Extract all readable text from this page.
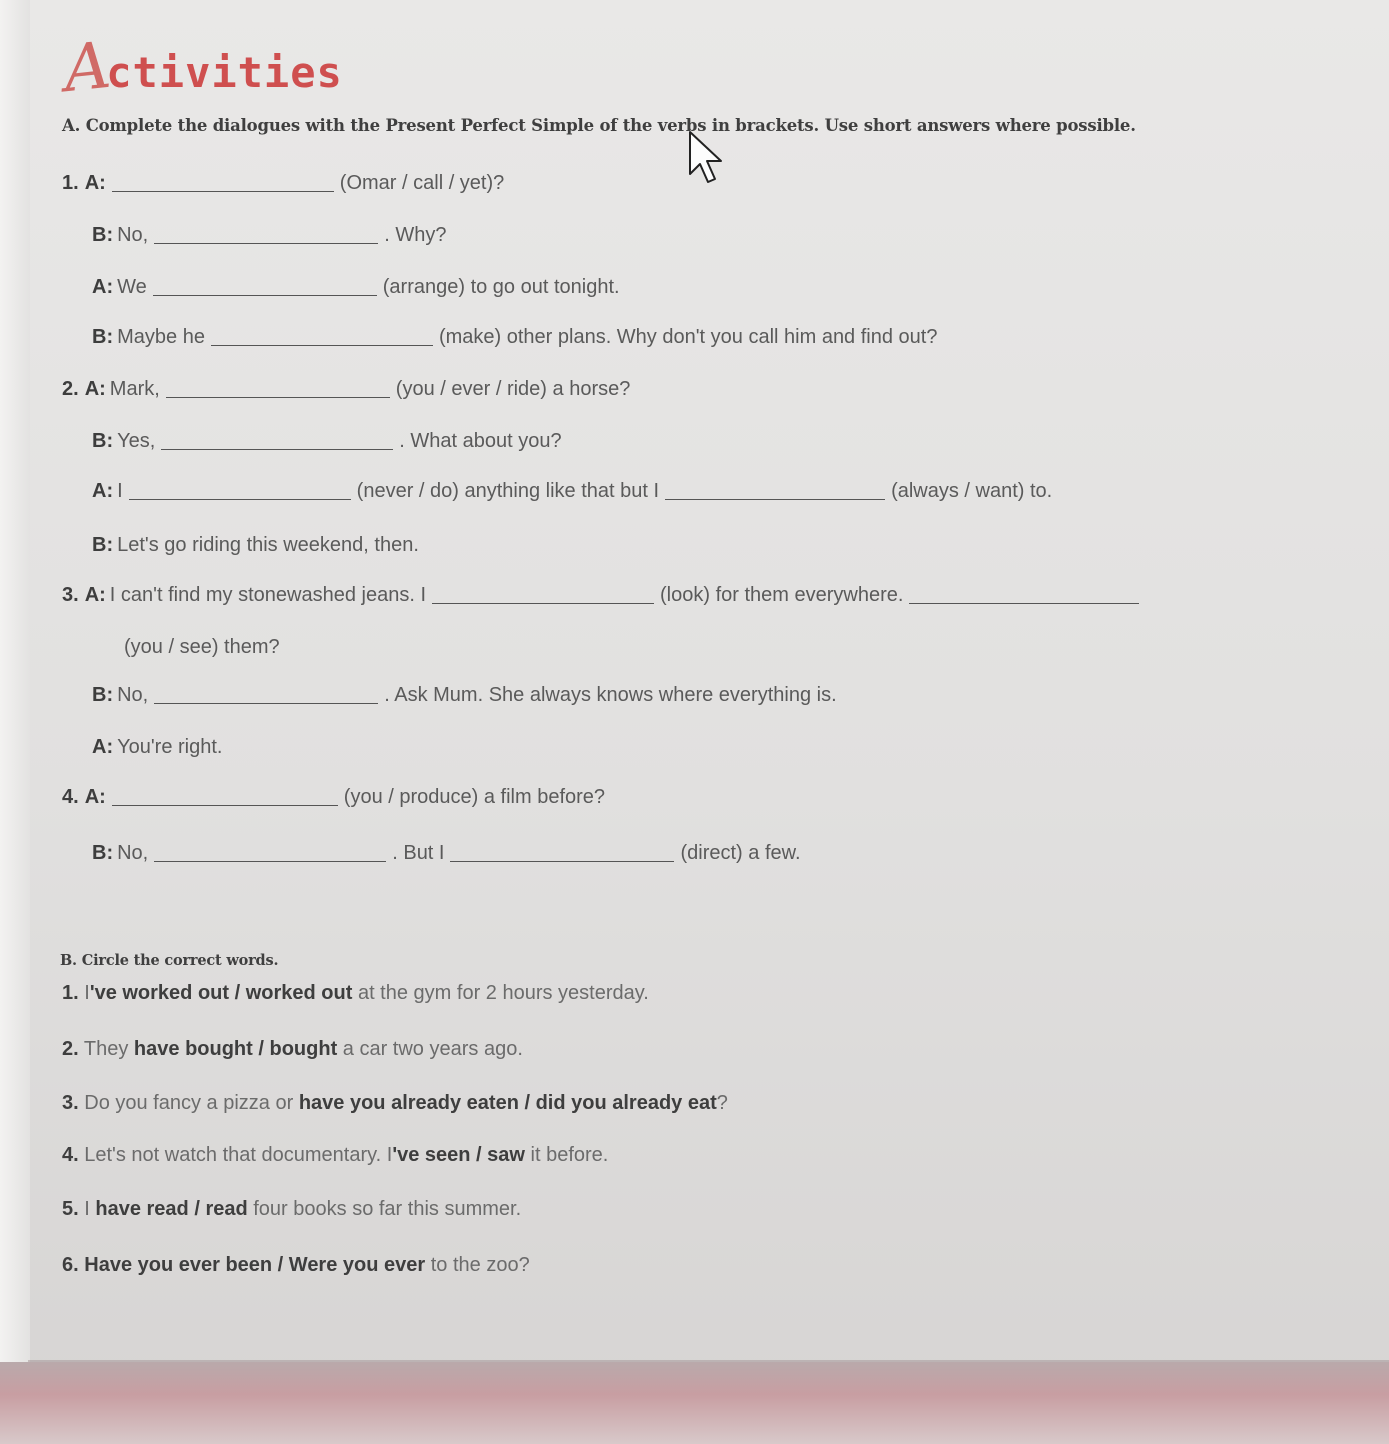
A
ctivities
A. Complete the dialogues with the Present Perfect Simple of the verbs in brackets. Use short answers where possible.
1. A:	(Omar / call / yet)?
B: No,	. Why?
A: We	(arrange) to go out tonight.
B: Maybe he	(make) other plans. Why don't you call him and find out?
2. A: Mark,	(you / ever / ride) a horse?
B: Yes,	. What about you?
A: I	(never / do) anything like that but I	(always / want) to.
B: Let's go riding this weekend, then.
3. A: I can't find my stonewashed jeans. I	(look) for them everywhere.
(you / see) them?
B: No,	. Ask Mum. She always knows where everything is.
A: You're right.
4. A:	(you / produce) a film before?
B: No,	. But I	(direct) a few.
B. Circle the correct words.
1. I've worked out / worked out at the gym for 2 hours yesterday.
2. They have bought / bought a car two years ago.
3. Do you fancy a pizza or have you already eaten / did you already eat?
4. Let's not watch that documentary. I've seen / saw it before.
5. I have read / read four books so far this summer.
6. Have you ever been / Were you ever to the zoo?
